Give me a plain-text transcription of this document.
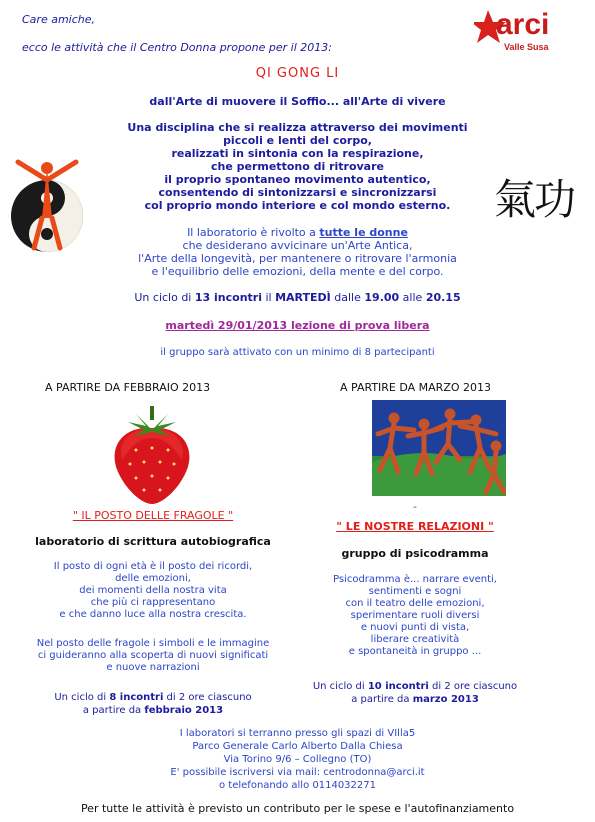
Care amiche,
ecco le attività che il Centro Donna propone per il 2013:
arci
Valle Susa
QI GONG LI
dall'Arte di muovere il Soffio... all'Arte di vivere
Una disciplina che si realizza attraverso dei movimenti
piccoli e lenti del corpo,
realizzati in sintonia con la respirazione,
che permettono di ritrovare
il proprio spontaneo movimento autentico,
consentendo di sintonizzarsi e sincronizzarsi
col proprio mondo interiore e col mondo esterno.	氣功
Il laboratorio è rivolto a tutte le donne
che desiderano avvicinare un'Arte Antica,
l'Arte della longevità, per mantenere o ritrovare l'armonia
e l'equilibrio delle emozioni, della mente e del corpo.
Un ciclo di 13 incontri il MARTEDÌ dalle 19.00 alle 20.15
martedì 29/01/2013 lezione di prova libera
il gruppo sarà attivato con un minimo di 8 partecipanti
A PARTIRE DA FEBBRAIO 2013
" IL POSTO DELLE FRAGOLE "
laboratorio di scrittura autobiografica
Il posto di ogni età è il posto dei ricordi,
delle emozioni,
dei momenti della nostra vita
che più ci rappresentano
e che danno luce alla nostra crescita.
Nel posto delle fragole i simboli e le immagine
ci guideranno alla scoperta di nuovi significati
e nuove narrazioni
Un ciclo di 8 incontri di 2 ore ciascuno
a partire da febbraio 2013
A PARTIRE DA MARZO 2013
-
" LE NOSTRE RELAZIONI "
gruppo di psicodramma
Psicodramma è... narrare eventi,
sentimenti e sogni
con il teatro delle emozioni,
sperimentare ruoli diversi
e nuovi punti di vista,
liberare creatività
e spontaneità in gruppo ...
Un ciclo di 10 incontri di 2 ore ciascuno
a partire da marzo 2013
I laboratori si terranno presso gli spazi di VIlla5
Parco Generale Carlo Alberto Dalla Chiesa
Via Torino 9/6 – Collegno (TO)
E' possibile iscriversi via mail: centrodonna@arci.it
o telefonando allo 0114032271
Per tutte le attività è previsto un contributo per le spese e l'autofinanziamento
